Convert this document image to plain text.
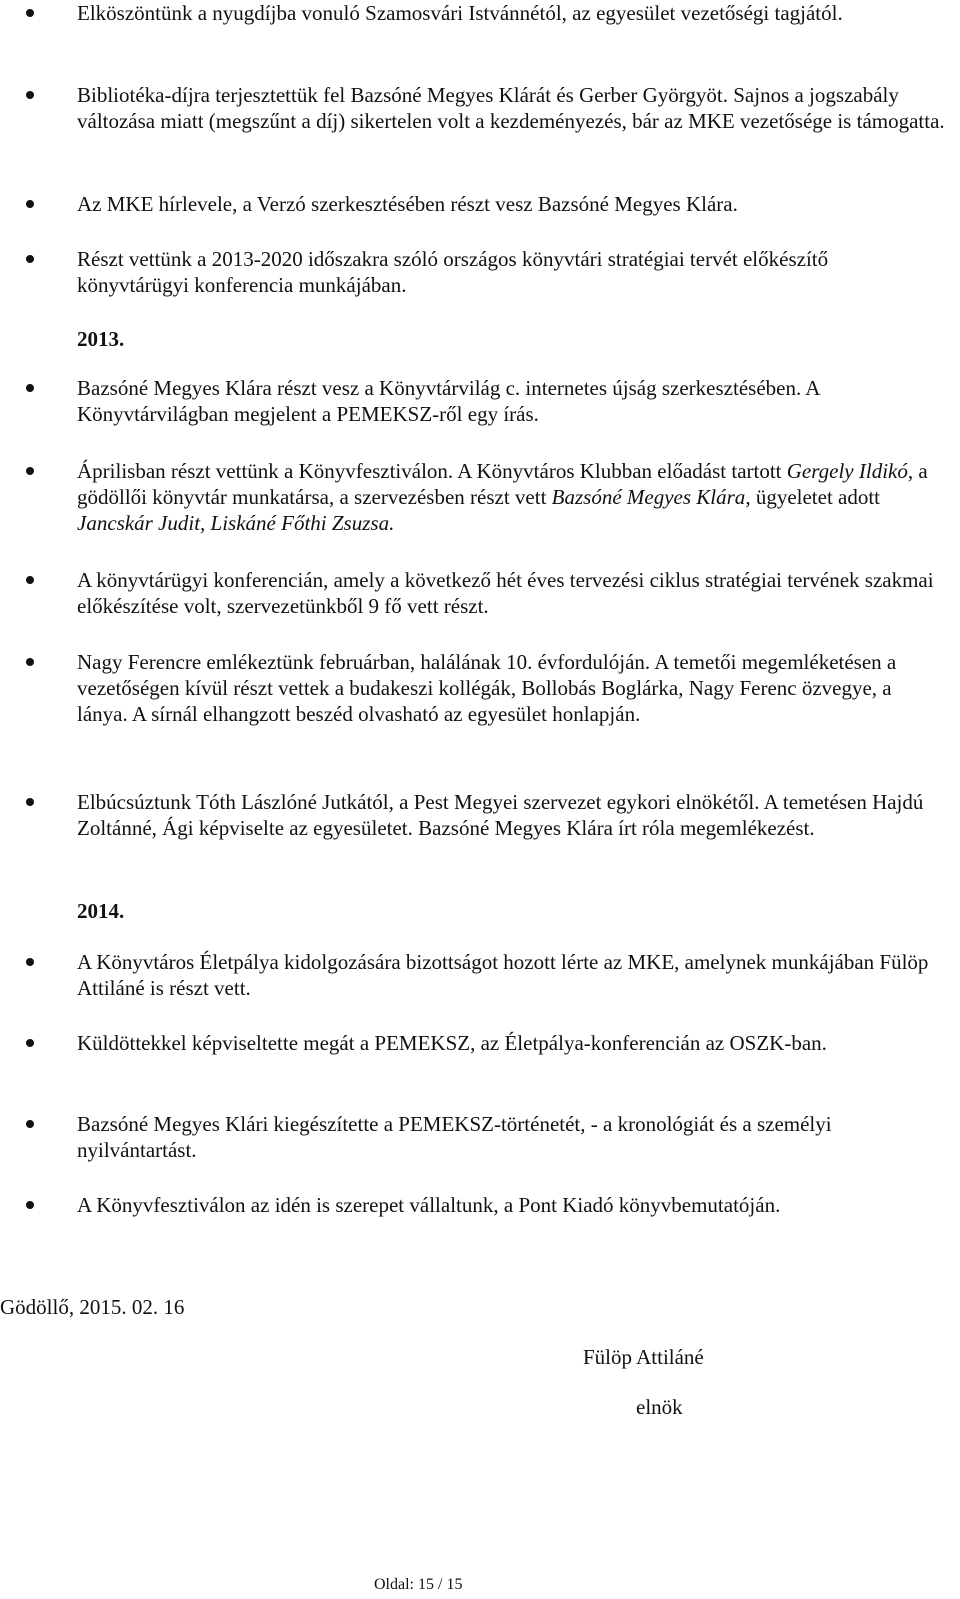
Elköszöntünk a nyugdíjba vonuló Szamosvári Istvánnétól, az egyesület vezetőségi tagjától.
Bibliotéka-díjra terjesztettük fel Bazsóné Megyes Klárát és Gerber Györgyöt. Sajnos a jogszabály változása miatt (megszűnt a díj) sikertelen volt a kezdeményezés, bár az MKE vezetősége is támogatta.
Az MKE hírlevele, a Verzó szerkesztésében részt vesz Bazsóné Megyes Klára.
Részt vettünk a 2013-2020 időszakra szóló országos könyvtári stratégiai tervét előkészítő könyvtárügyi konferencia munkájában.
2013.
Bazsóné Megyes Klára részt vesz a Könyvtárvilág c. internetes újság szerkesztésében. A Könyvtárvilágban megjelent a PEMEKSZ-ről egy írás.
Áprilisban részt vettünk a Könyvfesztiválon. A Könyvtáros Klubban előadást tartott Gergely Ildikó, a gödöllői könyvtár munkatársa, a szervezésben részt vett Bazsóné Megyes Klára, ügyeletet adott Jancskár Judit, Liskáné Főthi Zsuzsa.
A könyvtárügyi konferencián, amely a következő hét éves tervezési ciklus stratégiai tervének szakmai előkészítése volt, szervezetünkből 9 fő vett részt.
Nagy Ferencre emlékeztünk februárban, halálának 10. évfordulóján. A temetői megemléketésen a vezetőségen kívül részt vettek a budakeszi kollégák, Bollobás Boglárka, Nagy Ferenc özvegye, a lánya. A sírnál elhangzott beszéd olvasható az egyesület honlapján.
Elbúcsúztunk Tóth Lászlóné Jutkától, a Pest Megyei szervezet egykori elnökétől. A temetésen Hajdú Zoltánné, Ági képviselte az egyesületet. Bazsóné Megyes Klára írt róla megemlékezést.
2014.
A Könyvtáros Életpálya kidolgozására bizottságot hozott lérte az MKE, amelynek munkájában Fülöp Attiláné is részt vett.
Küldöttekkel képviseltette megát a PEMEKSZ, az Életpálya-konferencián az OSZK-ban.
Bazsóné Megyes Klári kiegészítette a PEMEKSZ-történetét, - a kronológiát és a személyi nyilvántartást.
A Könyvfesztiválon az idén is szerepet vállaltunk, a Pont Kiadó könyvbemutatóján.
Gödöllő, 2015. 02. 16
Fülöp Attiláné
elnök
Oldal: 15 / 15
